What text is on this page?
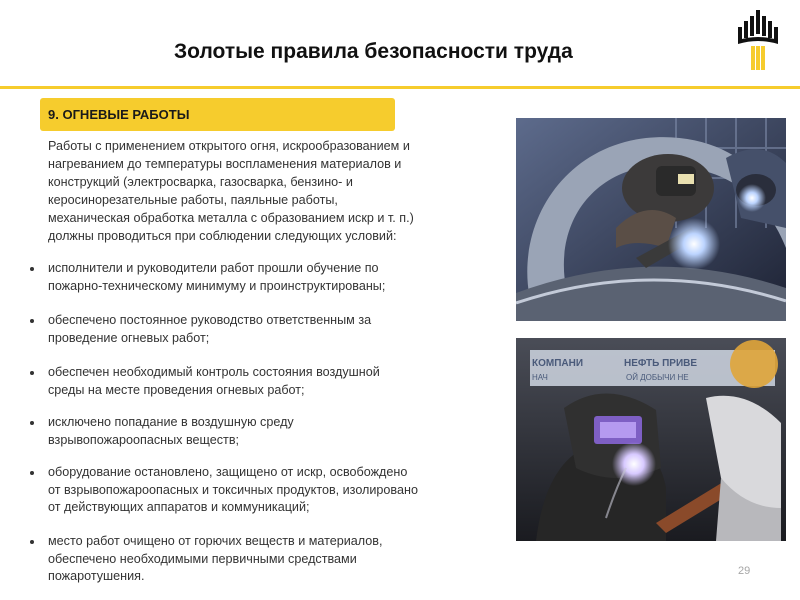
Золотые правила безопасности труда
9. ОГНЕВЫЕ РАБОТЫ
Работы с применением открытого огня, искрообразованием и
нагреванием до температуры воспламенения материалов и
конструкций (электросварка, газосварка, бензино- и
керосинорезательные работы, паяльные работы,
механическая обработка металла с образованием искр и т. п.)
должны проводиться при соблюдении следующих условий:
исполнители и руководители работ прошли обучение по
пожарно-техническому минимуму и проинструктированы;
обеспечено постоянное руководство ответственным за
проведение огневых работ;
обеспечен необходимый контроль состояния воздушной
среды на месте проведения огневых работ;
исключено попадание в воздушную среду
взрывопожароопасных веществ;
оборудование остановлено, защищено от искр, освобождено
от взрывопожароопасных и токсичных продуктов, изолировано
от действующих аппаратов и коммуникаций;
место работ очищено от горючих веществ и материалов,
обеспечено необходимыми первичными средствами
пожаротушения.
КОМПАНИ	НЕФТЬ ПРИВЕ
НАЧ	ОЙ ДОБЫЧИ НЕ
29
